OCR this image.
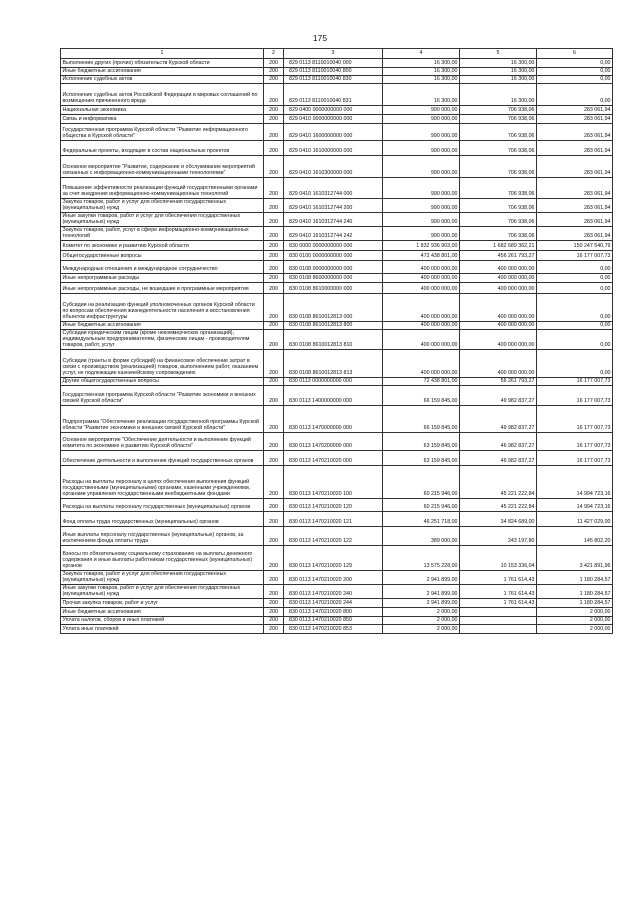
175
1	2	3	4	5	6
Выполнение других (прочих) обязательств Курской области	200	829 0113 8110010040 000	16 300,00	16 300,00	0,00
Иные бюджетные ассигнования	200	829 0113 8110010040 800	16 300,00	16 300,00	0,00
Исполнение судебных актов	200	829 0113 8110010040 830	16 300,00	16 300,00	0,00
Исполнение судебных актов Российской Федерации и мировых соглашений по возмещению причиненного вреда	200	829 0113 8110010040 831	16 300,00	16 300,00	0,00
Национальная экономика	200	829 0400 0000000000 000	990 000,00	706 938,06	283 061,94
Связь и информатика	200	829 0410 0000000000 000	990 000,00	706 938,06	283 061,94
Государственная программа Курской области "Развитие информационного общества в Курской области"	200	829 0410 1600000000 000	990 000,00	706 938,06	283 061,94
Федеральные проекты, входящие в состав национальных проектов	200	829 0410 1610000000 000	990 000,00	706 938,06	283 061,94
Основное мероприятие "Развитие, содержание и обслуживание мероприятий связанных с информационно-коммуникационными технологиями"	200	829 0410 1610300000 000	990 000,00	706 938,06	283 061,94
Повышение эффективности реализации функций государственными органами за счет внедрения информационно-коммуникационных технологий	200	829 0410 1610312744 000	990 000,00	706 938,06	283 061,94
Закупка товаров, работ и услуг для обеспечения государственных (муниципальных) нужд	200	829 0410 1610312744 200	990 000,00	706 938,06	283 061,94
Иные закупки товаров, работ и услуг для обеспечения государственных (муниципальных) нужд	200	829 0410 1610312744 240	990 000,00	706 938,06	283 061,94
Закупка товаров, работ, услуг в сфере информационно-коммуникационных технологий	200	829 0410 1610312744 242	990 000,00	706 938,06	283 061,94
Комитет по экономике и развитию Курской области	200	830 0000 0000000000 000	1 832 936 903,00	1 682 689 362,21	150 247 540,79
Общегосударственные вопросы	200	830 0100 0000000000 000	472 438 801,00	456 261 793,27	16 177 007,73
Международные отношения и международное сотрудничество	200	830 0108 0000000000 000	400 000 000,00	400 000 000,00	0,00
Иные непрограммные расходы	200	830 0108 8600000000 000	400 000 000,00	400 000 000,00	0,00
Иные непрограммные расходы, не вошедшие в программные мероприятия	200	830 0108 8610000000 000	400 000 000,00	400 000 000,00	0,00
Субсидии на реализацию функций уполномоченных органов Курской области по вопросам обеспечения жизнедеятельности населения и восстановления объектов инфраструктуры	200	830 0108 8610012813 000	400 000 000,00	400 000 000,00	0,00
Иные бюджетные ассигнования	200	830 0108 8610012813 800	400 000 000,00	400 000 000,00	0,00
Субсидии юридическим лицам (кроме некоммерческих организаций), индивидуальным предпринимателям, физическим лицам - производителям товаров, работ, услуг	200	830 0108 8610012813 810	400 000 000,00	400 000 000,00	0,00
Субсидии (гранты в форме субсидий) на финансовое обеспечение затрат в связи с производством (реализацией) товаров, выполнением работ, оказанием услуг, не подлежащие казначейскому сопровождению	200	830 0108 8610012813 813	400 000 000,00	400 000 000,00	0,00
Другие общегосударственные вопросы	200	830 0113 0000000000 000	72 438 801,00	56 261 793,27	16 177 007,73
Государственная программа Курской области "Развитие экономики и внешних связей Курской области"	200	830 0113 1400000000 000	66 159 845,00	49 982 837,27	16 177 007,73
Подпрограмма "Обеспечение реализации государственной программы Курской области "Развитие экономики и внешних связей Курской области"	200	830 0113 1470000000 000	66 159 845,00	49 982 837,27	16 177 007,73
Основное мероприятие "Обеспечение деятельности и выполнение функций комитета по экономике и развитию Курской области"	200	830 0113 1470200000 000	63 159 845,00	46 982 837,27	16 177 007,73
Обеспечение деятельности и выполнение функций государственных органов	200	830 0113 1470210020 000	63 159 845,00	46 982 837,27	16 177 007,73
Расходы на выплаты персоналу в целях обеспечения выполнения функций государственными (муниципальными) органами, казенными учреждениями, органами управления государственными внебюджетными фондами	200	830 0113 1470210020 100	60 215 946,00	45 221 222,84	14 994 723,16
Расходы на выплаты персоналу государственных (муниципальных) органов	200	830 0113 1470210020 120	60 215 946,00	45 221 222,84	14 994 723,16
Фонд оплаты труда государственных (муниципальных) органов	200	830 0113 1470210020 121	46 251 718,00	34 824 689,00	11 427 029,00
Иные выплаты персоналу государственных (муниципальных) органов, за исключением фонда оплаты труда	200	830 0113 1470210020 122	389 000,00	243 197,80	145 802,20
Взносы по обязательному социальному страхованию на выплаты денежного содержания и иные выплаты работникам государственных (муниципальных) органов	200	830 0113 1470210020 129	13 575 228,00	10 153 336,04	3 421 891,96
Закупка товаров, работ и услуг для обеспечения государственных (муниципальных) нужд	200	830 0113 1470210020 200	2 941 899,00	1 761 614,43	1 180 284,57
Иные закупки товаров, работ и услуг для обеспечения государственных (муниципальных) нужд	200	830 0113 1470210020 240	2 941 899,00	1 761 614,43	1 180 284,57
Прочая закупка товаров, работ и услуг	200	830 0113 1470210020 244	2 941 899,00	1 761 614,43	1 180 284,57
Иные бюджетные ассигнования	200	830 0113 1470210020 800	2 000,00		2 000,00
Уплата налогов, сборов и иных платежей	200	830 0113 1470210020 850	2 000,00		2 000,00
Уплата иных платежей	200	830 0113 1470210020 853	2 000,00		2 000,00
